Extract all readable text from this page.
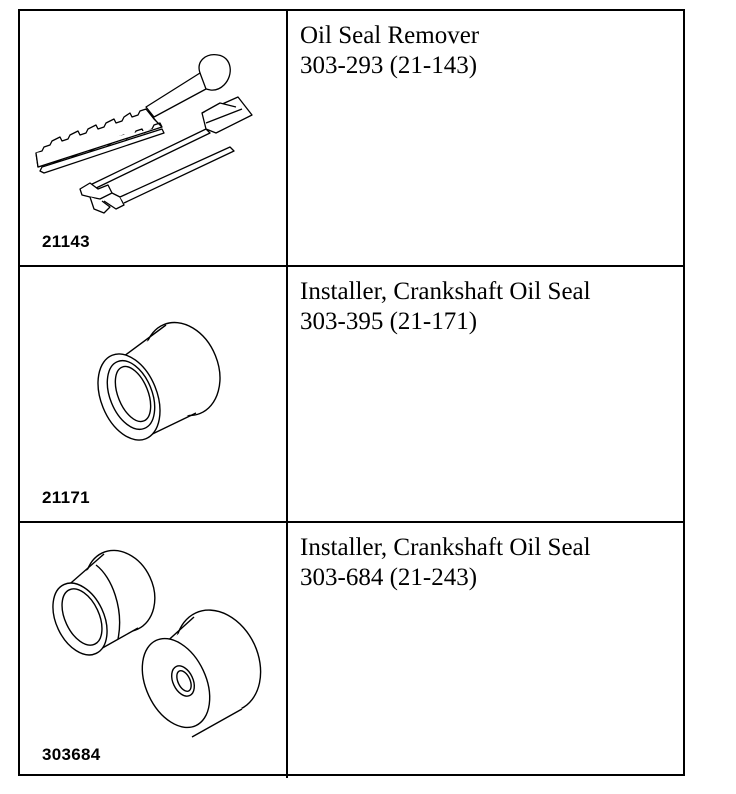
21143
Oil Seal Remover
303-293 (21-143)
21171
Installer, Crankshaft Oil Seal
303-395 (21-171)
303684
Installer, Crankshaft Oil Seal
303-684 (21-243)
